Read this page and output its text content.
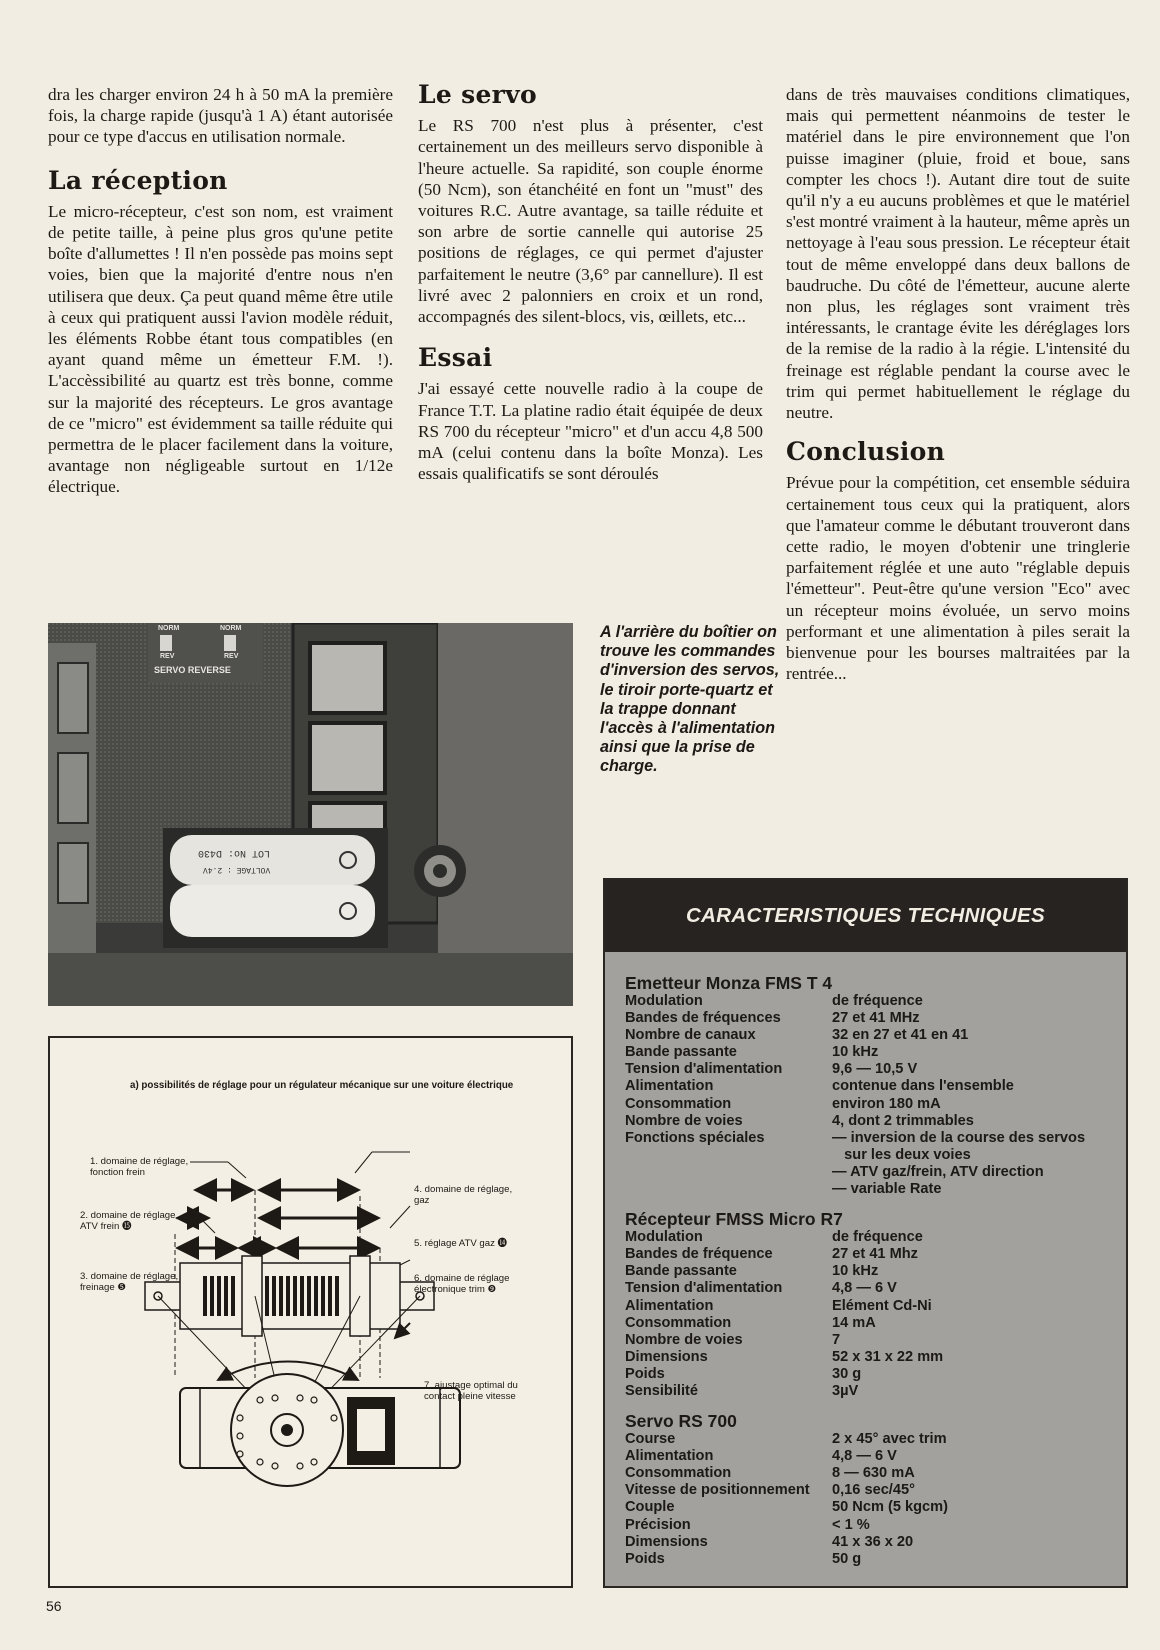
dra les charger environ 24 h à 50 mA la première fois, la charge rapide (jusqu'à 1 A) étant autorisée pour ce type d'accus en utilisation normale.

La réception

Le micro-récepteur, c'est son nom, est vraiment de petite taille, à peine plus gros qu'une petite boîte d'allumettes ! Il n'en possède pas moins sept voies, bien que la majorité d'entre nous n'en utilisera que deux. Ça peut quand même être utile à ceux qui pratiquent aussi l'avion modèle réduit, les éléments Robbe étant tous compatibles (en ayant quand même un émetteur F.M. !). L'accèssibilité au quartz est très bonne, comme sur la majorité des récepteurs. Le gros avantage de ce "micro" est évidemment sa taille réduite qui permettra de le placer facilement dans la voiture, avantage non négligeable surtout en 1/12e électrique.

Le servo

Le RS 700 n'est plus à présenter, c'est certainement un des meilleurs servo disponible à l'heure actuelle. Sa rapidité, son couple énorme (50 Ncm), son étanchéité en font un "must" des voitures R.C. Autre avantage, sa taille réduite et son arbre de sortie cannelle qui autorise 25 positions de réglages, ce qui permet d'ajuster parfaitement le neutre (3,6° par cannellure). Il est livré avec 2 palonniers en croix et un rond, accompagnés des silent-blocs, vis, œillets, etc...

Essai

J'ai essayé cette nouvelle radio à la coupe de France T.T. La platine radio était équipée de deux RS 700 du récepteur "micro" et d'un accu 4,8 500 mA (celui contenu dans la boîte Monza). Les essais qualificatifs se sont déroulés

dans de très mauvaises conditions climatiques, mais qui permettent néanmoins de tester le matériel dans le pire environnement que l'on puisse imaginer (pluie, froid et boue, sans compter les chocs !). Autant dire tout de suite qu'il n'y a eu aucuns problèmes et que le matériel s'est montré vraiment à la hauteur, même après un nettoyage à l'eau sous pression. Le récepteur était tout de même enveloppé dans deux ballons de baudruche. Du côté de l'émetteur, aucune alerte non plus, les réglages sont vraiment très intéressants, le crantage évite les déréglages lors de la remise de la radio à la régie. L'intensité du freinage est réglable pendant la course avec le trim qui permet habituellement le réglage du neutre.

Conclusion

Prévue pour la compétition, cet ensemble séduira certainement tous ceux qui la pratiquent, alors que l'amateur comme le débutant trouveront dans cette radio, le moyen d'obtenir une tringlerie parfaitement réglée et une auto "réglable depuis l'émetteur". Peut-être qu'une version "Eco" avec un récepteur moins évoluée, un servo moins performant et une alimentation à piles serait la bienvenue pour les bourses maltraitées par la rentrée...

NORM	NORM
REV	REV
SERVO REVERSE
LOT No: D430
VOLTAGE : 2.4V
A l'arrière du boîtier on trouve les commandes d'inversion des servos, le tiroir porte-quartz et la trappe donnant l'accès à l'alimentation ainsi que la prise de charge.
a) possibilités de réglage pour un régulateur mécanique sur une voiture électrique
1. domaine de réglage, fonction frein
2. domaine de réglage, ATV frein ⓯
3. domaine de réglage, freinage ❺
4. domaine de réglage, gaz
5. réglage ATV gaz ⓮
6. domaine de réglage électronique trim ❾
7. ajustage optimal du contact pleine vitesse
CARACTERISTIQUES TECHNIQUES
Emetteur Monza FMS T 4
Modulation	de fréquence
Bandes de fréquences	27 et 41 MHz
Nombre de canaux	32 en 27 et 41 en 41
Bande passante	10 kHz
Tension d'alimentation	9,6 — 10,5 V
Alimentation	contenue dans l'ensemble
Consommation	environ 180 mA
Nombre de voies	4, dont 2 trimmables
Fonctions spéciales	— inversion de la course des servos
sur les deux voies
— ATV gaz/frein, ATV direction
— variable Rate
Récepteur FMSS Micro R7
Modulation	de fréquence
Bandes de fréquence	27 et 41 Mhz
Bande passante	10 kHz
Tension d'alimentation	4,8 — 6 V
Alimentation	Elément Cd-Ni
Consommation	14 mA
Nombre de voies	7
Dimensions	52 x 31 x 22 mm
Poids	30 g
Sensibilité	3µV
Servo RS 700
Course	2 x 45° avec trim
Alimentation	4,8 — 6 V
Consommation	8 — 630 mA
Vitesse de positionnement	0,16 sec/45°
Couple	50 Ncm (5 kgcm)
Précision	< 1 %
Dimensions	41 x 36 x 20
Poids	50 g
56
